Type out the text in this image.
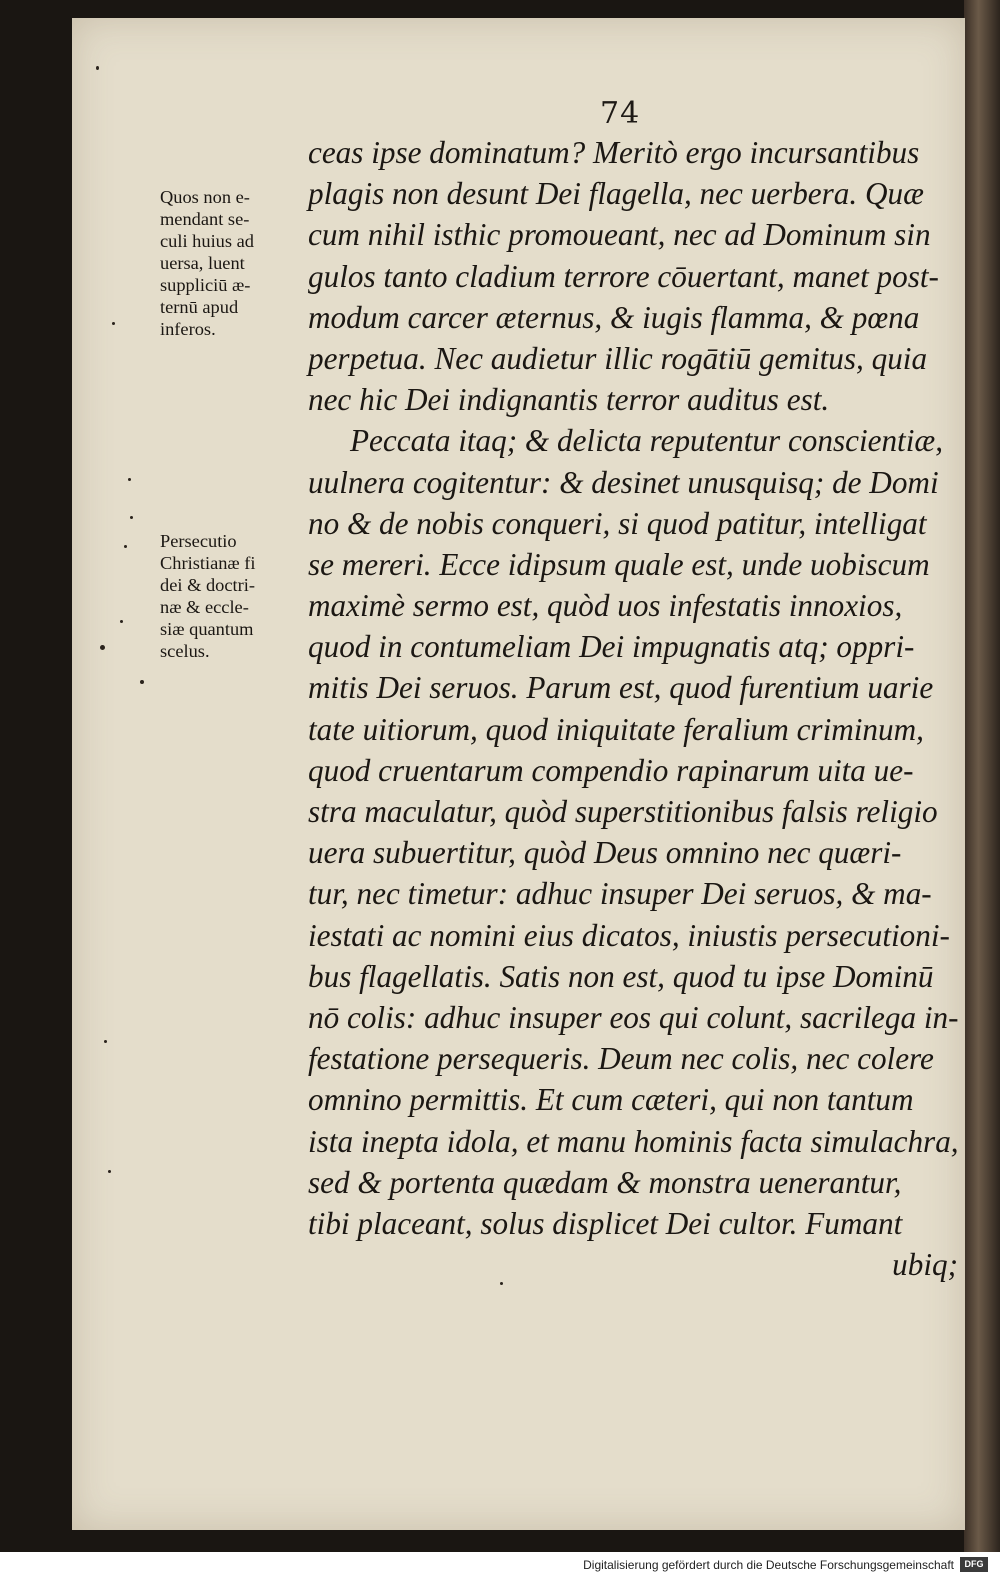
74
Quos non e-
mendant se-
culi huius ad
uersa, luent
suppliciū æ-
ternū apud
inferos.
Persecutio
Christianæ fi
dei & doctri-
næ & eccle-
siæ quantum
scelus.
ceas ipse dominatum? Meritò ergo incursantibus
plagis non desunt Dei flagella, nec uerbera. Quæ
cum nihil isthic promoueant, nec ad Dominum sin
gulos tanto cladium terrore cōuertant, manet post-
modum carcer æternus, & iugis flamma, & pœna
perpetua. Nec audietur illic rogātiū gemitus, quia
nec hic Dei indignantis terror auditus est.
Peccata itaq; & delicta reputentur conscientiæ,
uulnera cogitentur: & desinet unusquisq; de Domi
no & de nobis conqueri, si quod patitur, intelligat
se mereri. Ecce idipsum quale est, unde uobiscum
maximè sermo est, quòd uos infestatis innoxios,
quod in contumeliam Dei impugnatis atq; oppri-
mitis Dei seruos. Parum est, quod furentium uarie
tate uitiorum, quod iniquitate feralium criminum,
quod cruentarum compendio rapinarum uita ue-
stra maculatur, quòd superstitionibus falsis religio
uera subuertitur, quòd Deus omnino nec quæri-
tur, nec timetur: adhuc insuper Dei seruos, & ma-
iestati ac nomini eius dicatos, iniustis persecutioni-
bus flagellatis. Satis non est, quod tu ipse Dominū
nō colis: adhuc insuper eos qui colunt, sacrilega in-
festatione persequeris. Deum nec colis, nec colere
omnino permittis. Et cum cæteri, qui non tantum
ista inepta idola, et manu hominis facta simulachra,
sed & portenta quædam & monstra uenerantur,
tibi placeant, solus displicet Dei cultor. Fumant
ubiq;
Digitalisierung gefördert durch die Deutsche Forschungsgemeinschaft	DFG
